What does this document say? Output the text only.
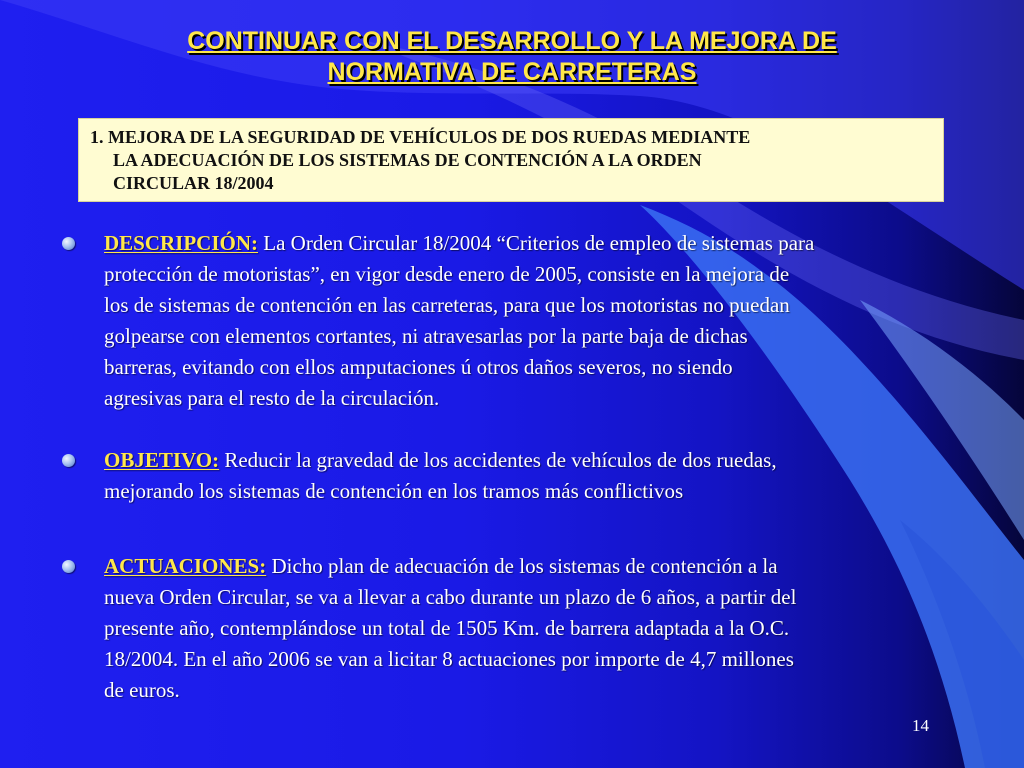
CONTINUAR CON EL DESARROLLO Y LA MEJORA DE
NORMATIVA DE CARRETERAS
1. MEJORA DE LA SEGURIDAD DE VEHÍCULOS DE DOS RUEDAS MEDIANTE
LA ADECUACIÓN DE LOS SISTEMAS DE CONTENCIÓN A LA ORDEN
CIRCULAR 18/2004
DESCRIPCIÓN: La Orden Circular 18/2004 “Criterios de empleo de sistemas para
protección de motoristas”, en vigor desde enero de 2005, consiste en la mejora de
los de sistemas de contención en las carreteras, para que los motoristas no puedan
golpearse con elementos cortantes, ni atravesarlas por la parte baja de dichas
barreras, evitando con ellos amputaciones ú otros daños severos, no siendo
agresivas para el resto de la circulación.
OBJETIVO: Reducir la gravedad de los accidentes de vehículos de dos ruedas,
mejorando los sistemas de contención en los tramos más conflictivos
ACTUACIONES: Dicho plan de adecuación de los sistemas de contención a la
nueva Orden Circular, se va a llevar a cabo durante un plazo de 6 años, a partir del
presente año, contemplándose un total de 1505 Km. de barrera adaptada a la O.C.
18/2004. En el año 2006 se van a licitar 8 actuaciones por importe de 4,7 millones
de euros.
14
